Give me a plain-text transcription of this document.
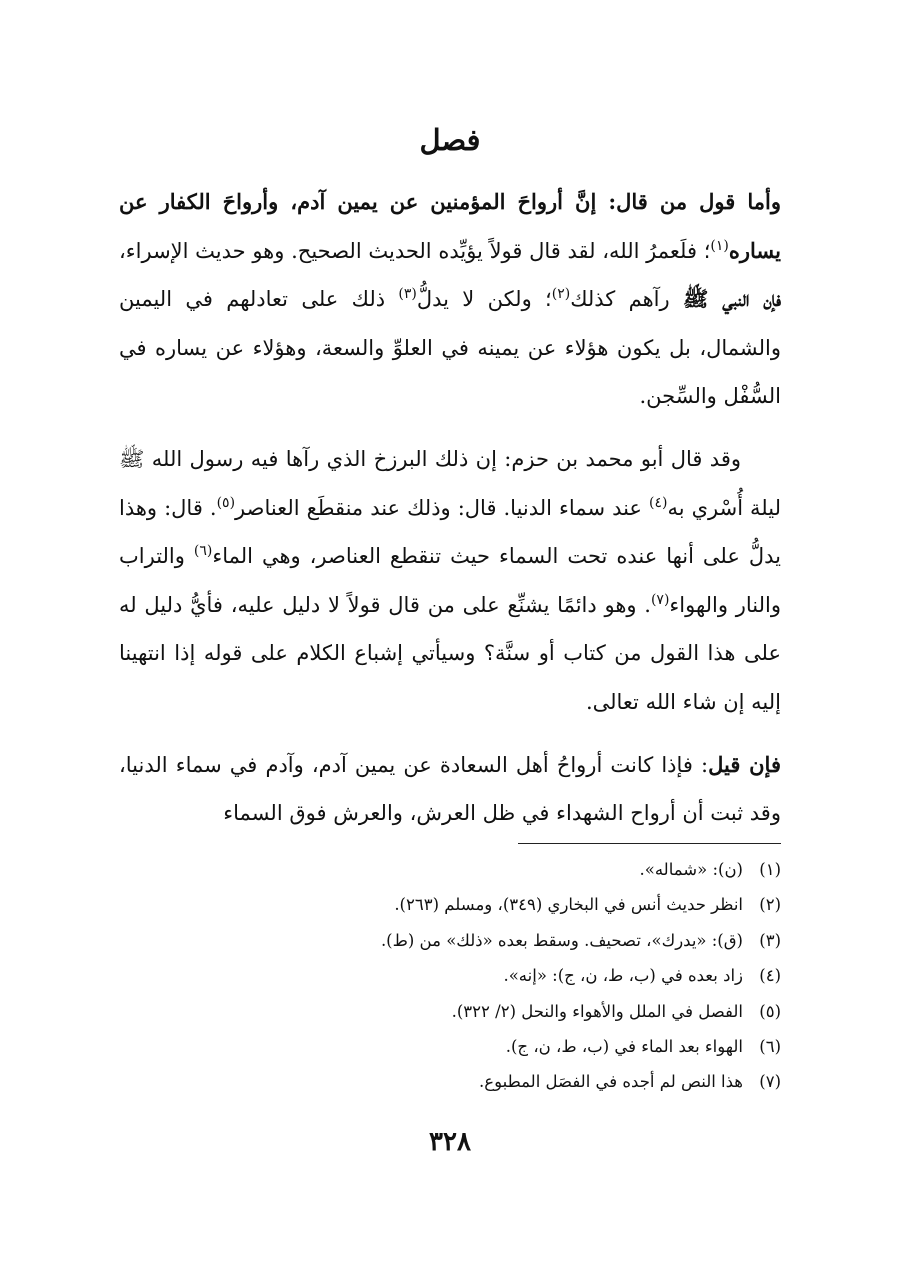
فصل

وأما قول من قال: إنَّ أرواحَ المؤمنين عن يمين آدم، وأرواحَ الكفار عن يساره$^{(١)}$؛ فلَعمرُ الله، لقد قال قولاً يؤيِّده الحديث الصحيح. وهو حديث الإسراء، فإن النبي ﷺ رآهم كذلك$^{(٢)}$؛ ولكن لا يدلُّ$^{(٣)}$ ذلك على تعادلهم في اليمين والشمال، بل يكون هؤلاء عن يمينه في العلوِّ والسعة، وهؤلاء عن يساره في السُّفْل والسِّجن.

وقد قال أبو محمد بن حزم: إن ذلك البرزخ الذي رآها فيه رسول الله ﷺ ليلة أُسْري به$^{(٤)}$ عند سماء الدنيا. قال: وذلك عند منقطَع العناصر$^{(٥)}$. قال: وهذا يدلُّ على أنها عنده تحت السماء حيث تنقطع العناصر، وهي الماء$^{(٦)}$ والتراب والنار والهواء$^{(٧)}$. وهو دائمًا يشنِّع على من قال قولاً لا دليل عليه، فأيُّ دليل له على هذا القول من كتاب أو سنَّة؟ وسيأتي إشباع الكلام على قوله إذا انتهينا إليه إن شاء الله تعالى.

فإن قيل: فإذا كانت أرواحُ أهل السعادة عن يمين آدم، وآدم في سماء الدنيا، وقد ثبت أن أرواح الشهداء في ظل العرش، والعرش فوق السماء

(١)
(ن): «شماله».
(٢)
انظر حديث أنس في البخاري (٣٤٩)، ومسلم (٢٦٣).
(٣)
(ق): «يدرك»، تصحيف. وسقط بعده «ذلك» من (ط).
(٤)
زاد بعده في (ب، ط، ن، ج): «إنه».
(٥)
الفصل في الملل والأهواء والنحل (٢/ ٣٢٢).
(٦)
الهواء بعد الماء في (ب، ط، ن، ج).
(٧)
هذا النص لم أجده في الفصَل المطبوع.
٣٢٨
